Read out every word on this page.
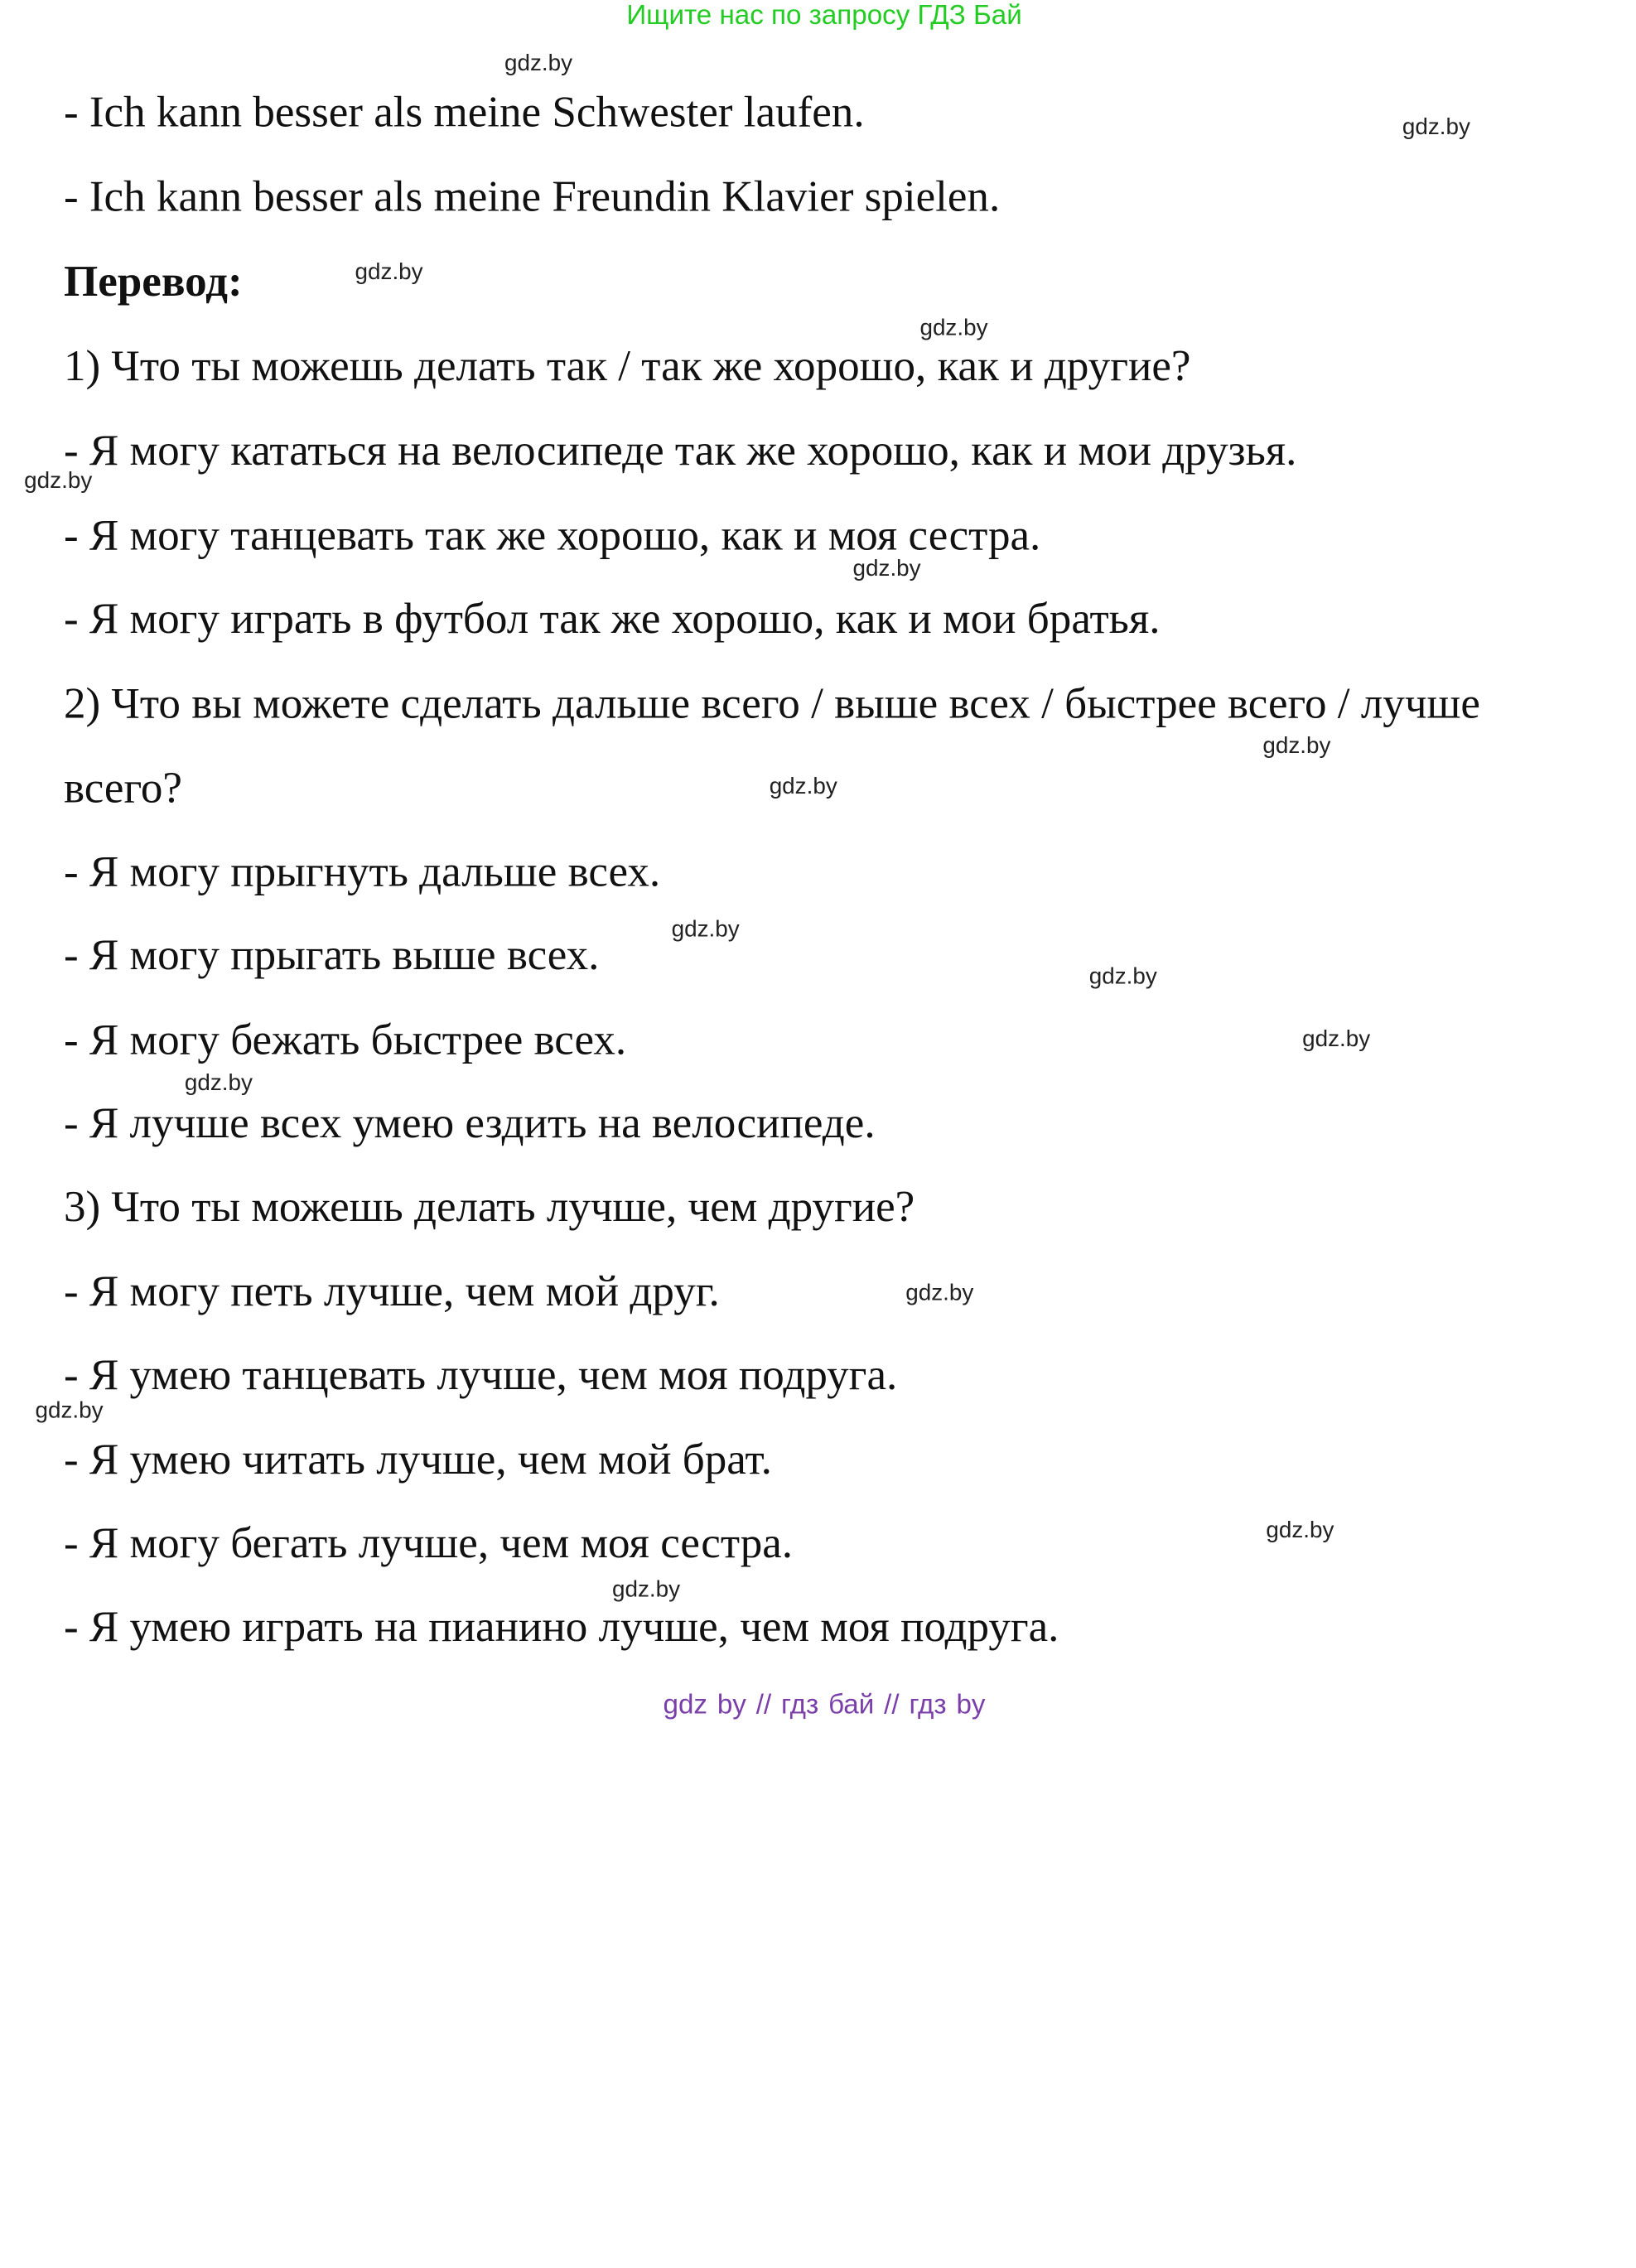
Ищите нас по запросу ГДЗ Бай
- Ich kann besser als meine Schwester laufen.
- Ich kann besser als meine Freundin Klavier spielen.
Перевод:
1) Что ты можешь делать так / так же хорошо, как и другие?
- Я могу кататься на велосипеде так же хорошо, как и мои друзья.
- Я могу танцевать так же хорошо, как и моя сестра.
- Я могу играть в футбол так же хорошо, как и мои братья.
2) Что вы можете сделать дальше всего / выше всех / быстрее всего / лучше
всего?
- Я могу прыгнуть дальше всех.
- Я могу прыгать выше всех.
- Я могу бежать быстрее всех.
- Я лучше всех умею ездить на велосипеде.
3) Что ты можешь делать лучше, чем другие?
- Я могу петь лучше, чем мой друг.
- Я умею танцевать лучше, чем моя подруга.
- Я умею читать лучше, чем мой брат.
- Я могу бегать лучше, чем моя сестра.
- Я умею играть на пианино лучше, чем моя подруга.
gdz.by
gdz.by
gdz.by
gdz.by
gdz.by
gdz.by
gdz.by
gdz.by
gdz.by
gdz.by
gdz.by
gdz.by
gdz.by
gdz.by
gdz.by
gdz.by
gdz by // гдз бай // гдз by
